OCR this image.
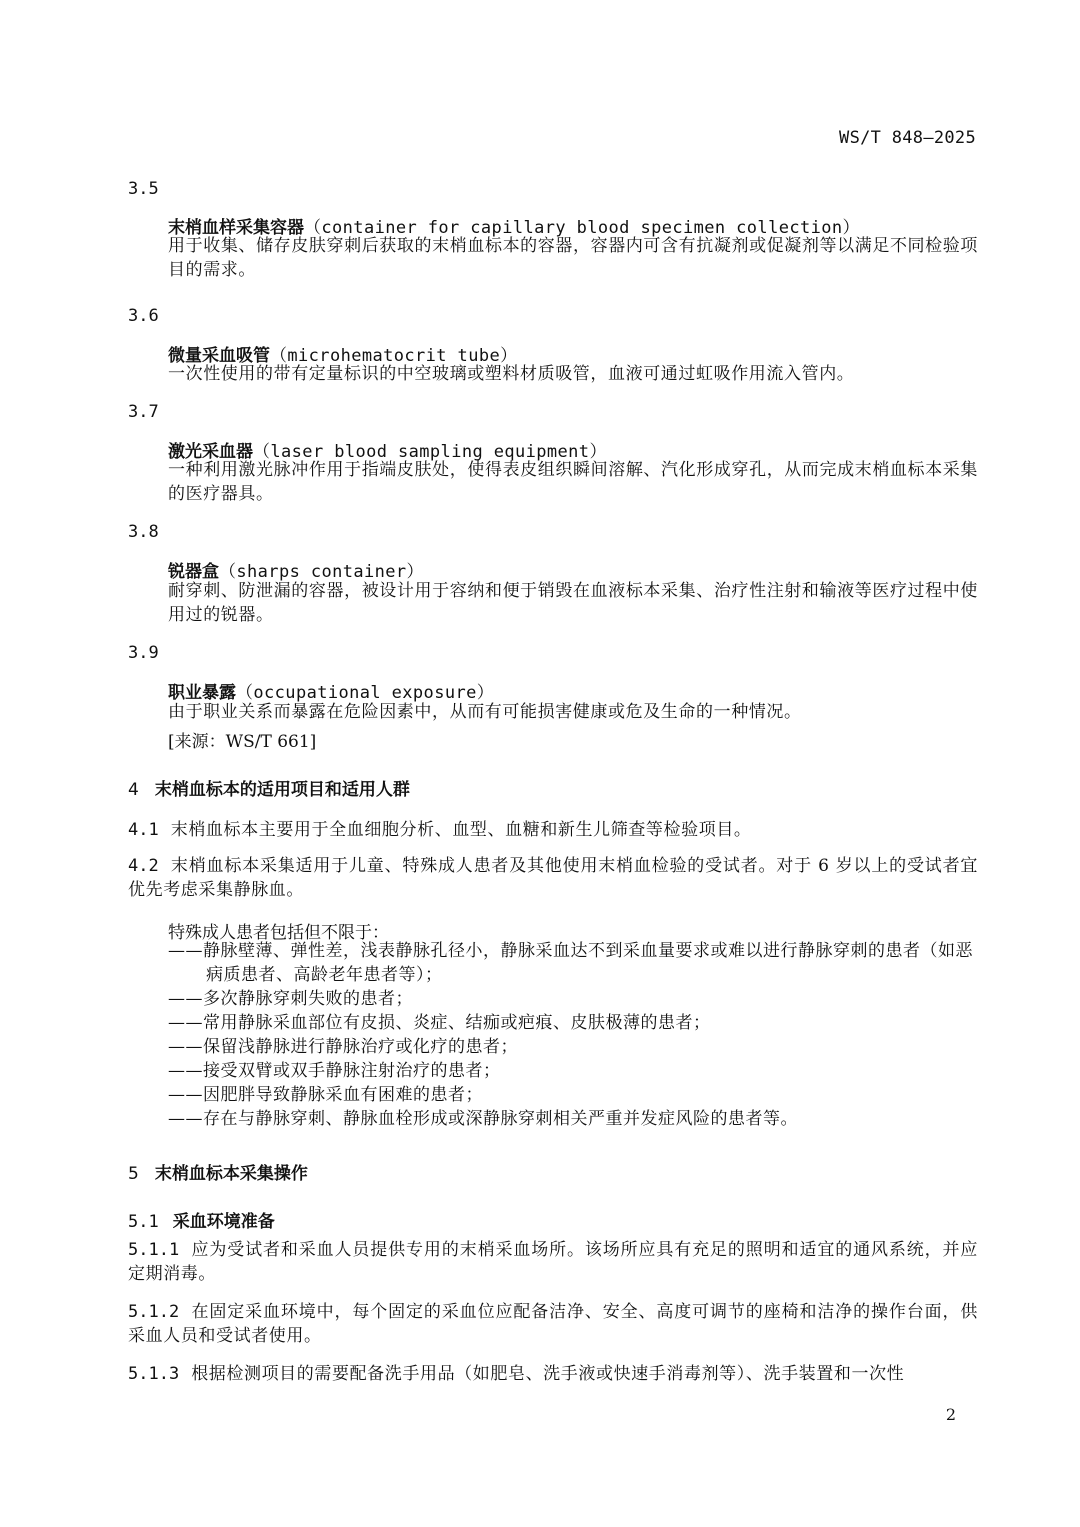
WS/T 848—2025
3.5
末梢血样采集容器（container for capillary blood specimen collection）
用于收集、储存皮肤穿刺后获取的末梢血标本的容器，容器内可含有抗凝剂或促凝剂等以满足不同检验项目的需求。
3.6
微量采血吸管（microhematocrit tube）
一次性使用的带有定量标识的中空玻璃或塑料材质吸管，血液可通过虹吸作用流入管内。
3.7
激光采血器（laser blood sampling equipment）
一种利用激光脉冲作用于指端皮肤处，使得表皮组织瞬间溶解、汽化形成穿孔，从而完成末梢血标本采集的医疗器具。
3.8
锐器盒（sharps container）
耐穿刺、防泄漏的容器，被设计用于容纳和便于销毁在血液标本采集、治疗性注射和输液等医疗过程中使用过的锐器。
3.9
职业暴露（occupational exposure）
由于职业关系而暴露在危险因素中，从而有可能损害健康或危及生命的一种情况。
[来源：WS/T 661]
4 末梢血标本的适用项目和适用人群
4.1 末梢血标本主要用于全血细胞分析、血型、血糖和新生儿筛查等检验项目。
4.2 末梢血标本采集适用于儿童、特殊成人患者及其他使用末梢血检验的受试者。对于 6 岁以上的受试者宜优先考虑采集静脉血。
特殊成人患者包括但不限于：
——静脉壁薄、弹性差，浅表静脉孔径小，静脉采血达不到采血量要求或难以进行静脉穿刺的患者（如恶病质患者、高龄老年患者等）；
——多次静脉穿刺失败的患者；
——常用静脉采血部位有皮损、炎症、结痂或疤痕、皮肤极薄的患者；
——保留浅静脉进行静脉治疗或化疗的患者；
——接受双臂或双手静脉注射治疗的患者；
——因肥胖导致静脉采血有困难的患者；
——存在与静脉穿刺、静脉血栓形成或深静脉穿刺相关严重并发症风险的患者等。
5 末梢血标本采集操作
5.1 采血环境准备
5.1.1 应为受试者和采血人员提供专用的末梢采血场所。该场所应具有充足的照明和适宜的通风系统，并应定期消毒。
5.1.2 在固定采血环境中，每个固定的采血位应配备洁净、安全、高度可调节的座椅和洁净的操作台面，供采血人员和受试者使用。
5.1.3 根据检测项目的需要配备洗手用品（如肥皂、洗手液或快速手消毒剂等）、洗手装置和一次性
2
